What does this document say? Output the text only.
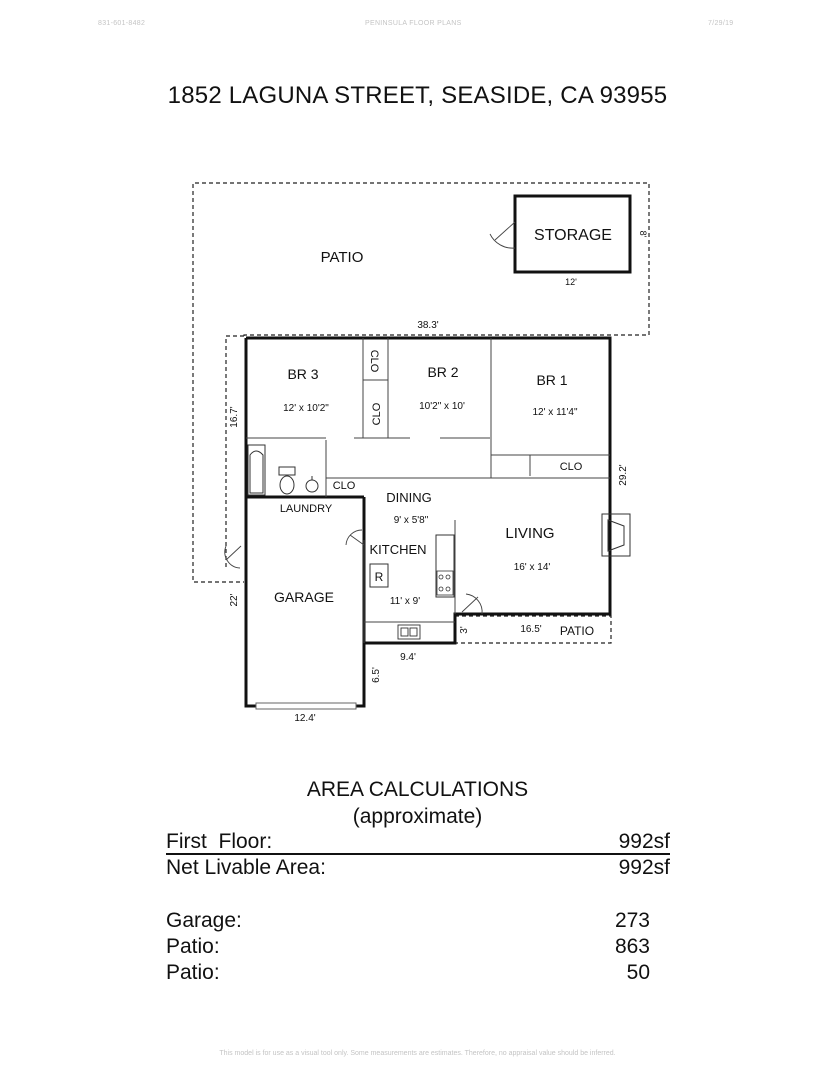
831-601-8482	PENINSULA FLOOR PLANS	7/29/19
1852 LAGUNA STREET, SEASIDE, CA 93955
R
PATIO
STORAGE
12'
8'
38.3'
16.7'
BR 3
12' x 10'2"
CLO
CLO
BR 2
10'2" x 10'
BR 1
12' x 11'4"
CLO	29.2'
CLO
DINING
9' x 5'8"
LAUNDRY
KITCHEN
11' x 9'
LIVING
16' x 14'
GARAGE
22'
12.4'
9.4'
6.5'
PATIO
16.5'
3'
AREA CALCULATIONS
(approximate)
First  Floor:	992sf
Net Livable Area:	992sf
Garage:	273
Patio:	863
Patio:	50
This model is for use as a visual tool only. Some measurements are estimates. Therefore, no appraisal value should be inferred.
